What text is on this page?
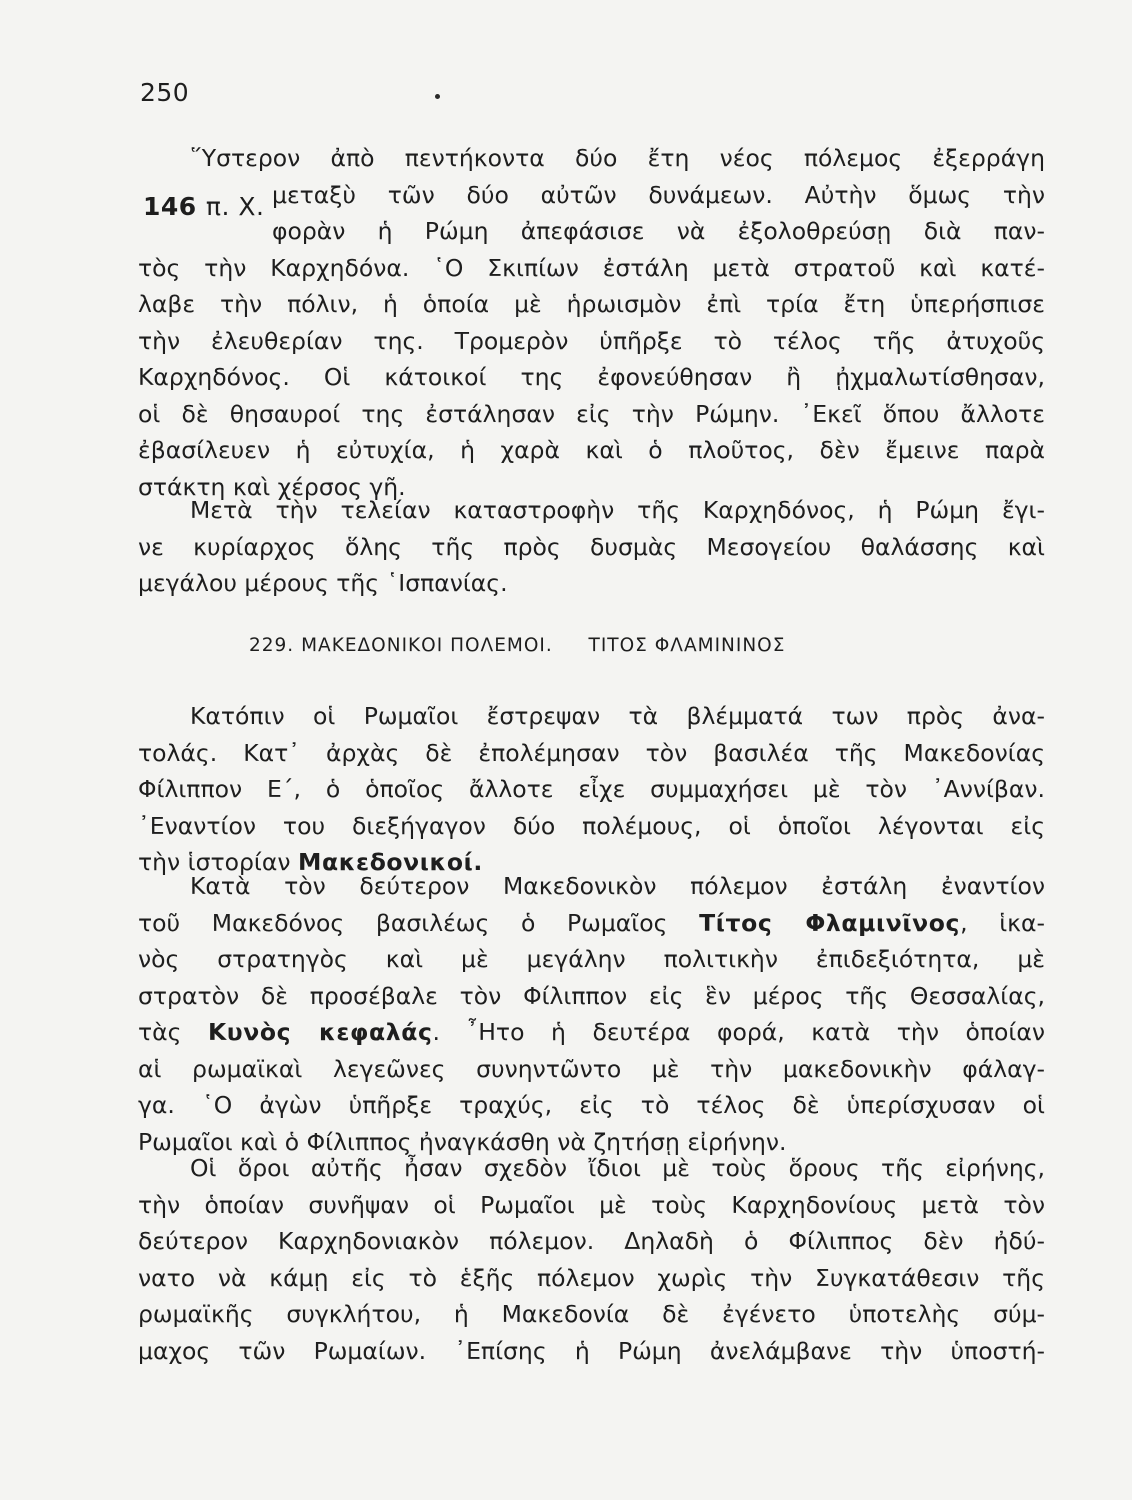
250
146 π. Χ.
῞Υστερον ἀπὸ πεντήκοντα δύο ἔτη νέος πόλεμος ἐξερράγη
μεταξὺ τῶν δύο αὐτῶν δυνάμεων. Αὐτὴν ὅμως τὴν
φορὰν ἡ Ρώμη ἀπεφάσισε νὰ ἐξολοθρεύσῃ διὰ παν-
τὸς τὴν Καρχηδόνα. ῾Ο Σκιπίων ἐστάλη μετὰ στρατοῦ καὶ κατέ-
λαβε τὴν πόλιν, ἡ ὁποία μὲ ἡρωισμὸν ἐπὶ τρία ἔτη ὑπερήσπισε
τὴν ἐλευθερίαν της. Τρομερὸν ὑπῆρξε τὸ τέλος τῆς ἀτυχοῦς
Καρχηδόνος. Οἱ κάτοικοί της ἐφονεύθησαν ἢ ᾐχμαλωτίσθησαν,
οἱ δὲ θησαυροί της ἐστάλησαν εἰς τὴν Ρώμην. ᾿Εκεῖ ὅπου ἄλλοτε
ἐβασίλευεν ἡ εὐτυχία, ἡ χαρὰ καὶ ὁ πλοῦτος, δὲν ἔμεινε παρὰ
στάκτη καὶ χέρσος γῆ.
Μετὰ τὴν τελείαν καταστροφὴν τῆς Καρχηδόνος, ἡ Ρώμη ἔγι-
νε κυρίαρχος ὅλης τῆς πρὸς δυσμὰς Μεσογείου θαλάσσης καὶ
μεγάλου μέρους τῆς ῾Ισπανίας.
229. ΜΑΚΕΔΟΝΙΚΟΙ ΠΟΛΕΜΟΙ. ΤΙΤΟΣ ΦΛΑΜΙΝΙΝΟΣ
Κατόπιν οἱ Ρωμαῖοι ἔστρεψαν τὰ βλέμματά των πρὸς ἀνα-
τολάς. Κατ᾿ ἀρχὰς δὲ ἐπολέμησαν τὸν βασιλέα τῆς Μακεδονίας
Φίλιππον Ε΄, ὁ ὁποῖος ἄλλοτε εἶχε συμμαχήσει μὲ τὸν ᾿Αννίβαν.
᾿Εναντίον του διεξήγαγον δύο πολέμους, οἱ ὁποῖοι λέγονται εἰς
τὴν ἱστορίαν Μακεδονικοί.
Κατὰ τὸν δεύτερον Μακεδονικὸν πόλεμον ἐστάλη ἐναντίον
τοῦ Μακεδόνος βασιλέως ὁ Ρωμαῖος Τίτος Φλαμινῖνος, ἱκα-
νὸς στρατηγὸς καὶ μὲ μεγάλην πολιτικὴν ἐπιδεξιότητα, μὲ
στρατὸν δὲ προσέβαλε τὸν Φίλιππον εἰς ἓν μέρος τῆς Θεσσαλίας,
τὰς Κυνὸς κεφαλάς. ῏Ητο ἡ δευτέρα φορά, κατὰ τὴν ὁποίαν
αἱ ρωμαϊκαὶ λεγεῶνες συνηντῶντο μὲ τὴν μακεδονικὴν φάλαγ-
γα. ῾Ο ἀγὼν ὑπῆρξε τραχύς, εἰς τὸ τέλος δὲ ὑπερίσχυσαν οἱ
Ρωμαῖοι καὶ ὁ Φίλιππος ἠναγκάσθη νὰ ζητήσῃ εἰρήνην.
Οἱ ὅροι αὐτῆς ἦσαν σχεδὸν ἴδιοι μὲ τοὺς ὅρους τῆς εἰρήνης,
τὴν ὁποίαν συνῆψαν οἱ Ρωμαῖοι μὲ τοὺς Καρχηδονίους μετὰ τὸν
δεύτερον Καρχηδονιακὸν πόλεμον. Δηλαδὴ ὁ Φίλιππος δὲν ἠδύ-
νατο νὰ κάμῃ εἰς τὸ ἑξῆς πόλεμον χωρὶς τὴν Συγκατάθεσιν τῆς
ρωμαϊκῆς συγκλήτου, ἡ Μακεδονία δὲ ἐγένετο ὑποτελὴς σύμ-
μαχος τῶν Ρωμαίων. ᾿Επίσης ἡ Ρώμη ἀνελάμβανε τὴν ὑποστή-
